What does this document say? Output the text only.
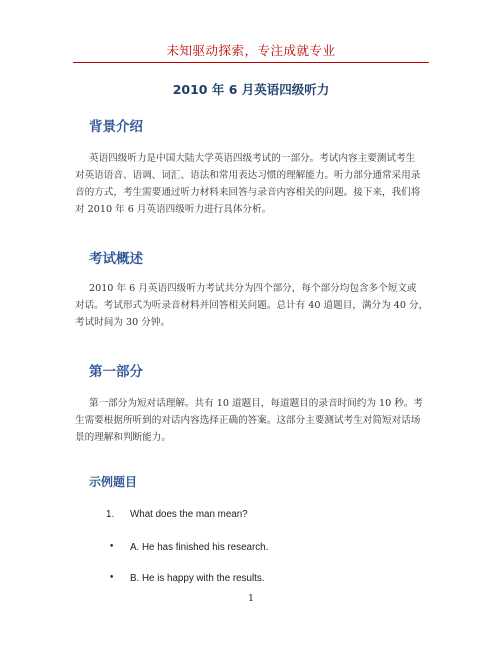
未知驱动探索，专注成就专业
2010 年 6 月英语四级听力
背景介绍
英语四级听力是中国大陆大学英语四级考试的一部分。考试内容主要测试考生
对英语语音、语调、词汇、语法和常用表达习惯的理解能力。听力部分通常采用录
音的方式，考生需要通过听力材料来回答与录音内容相关的问题。接下来，我们将
对 2010 年 6 月英语四级听力进行具体分析。
考试概述
2010 年 6 月英语四级听力考试共分为四个部分，每个部分均包含多个短文或
对话。考试形式为听录音材料并回答相关问题。总计有 40 道题目，满分为 40 分，
考试时间为 30 分钟。
第一部分
第一部分为短对话理解。共有 10 道题目，每道题目的录音时间约为 10 秒。考
生需要根据所听到的对话内容选择正确的答案。这部分主要测试考生对简短对话场
景的理解和判断能力。
示例题目
1. What does the man mean?
• A. He has finished his research.
• B. He is happy with the results.
1
